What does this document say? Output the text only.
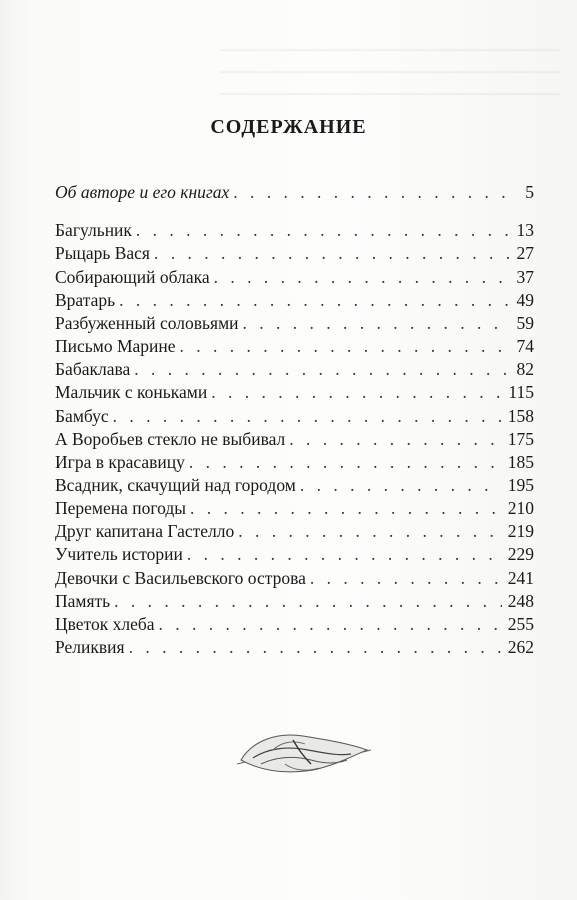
──────────────────────────────
──────────────────────────────
──────────────────────────────
СОДЕРЖАНИЕ
Об авторе и его книгах . . .	5
Багульник . . .	13
Рыцарь Вася . . .	27
Собирающий облака . . .	37
Вратарь . . .	49
Разбуженный соловьями . . .	59
Письмо Марине . . .	74
Бабаклава . . .	82
Мальчик с коньками . . .	115
Бамбус . . .	158
А Воробьев стекло не выбивал . . .	175
Игра в красавицу . . .	185
Всадник, скачущий над городом . . .	195
Перемена погоды . . .	210
Друг капитана Гастелло . . .	219
Учитель истории . . .	229
Девочки с Васильевского острова . . .	241
Память . . .	248
Цветок хлеба . . .	255
Реликвия . . .	262
